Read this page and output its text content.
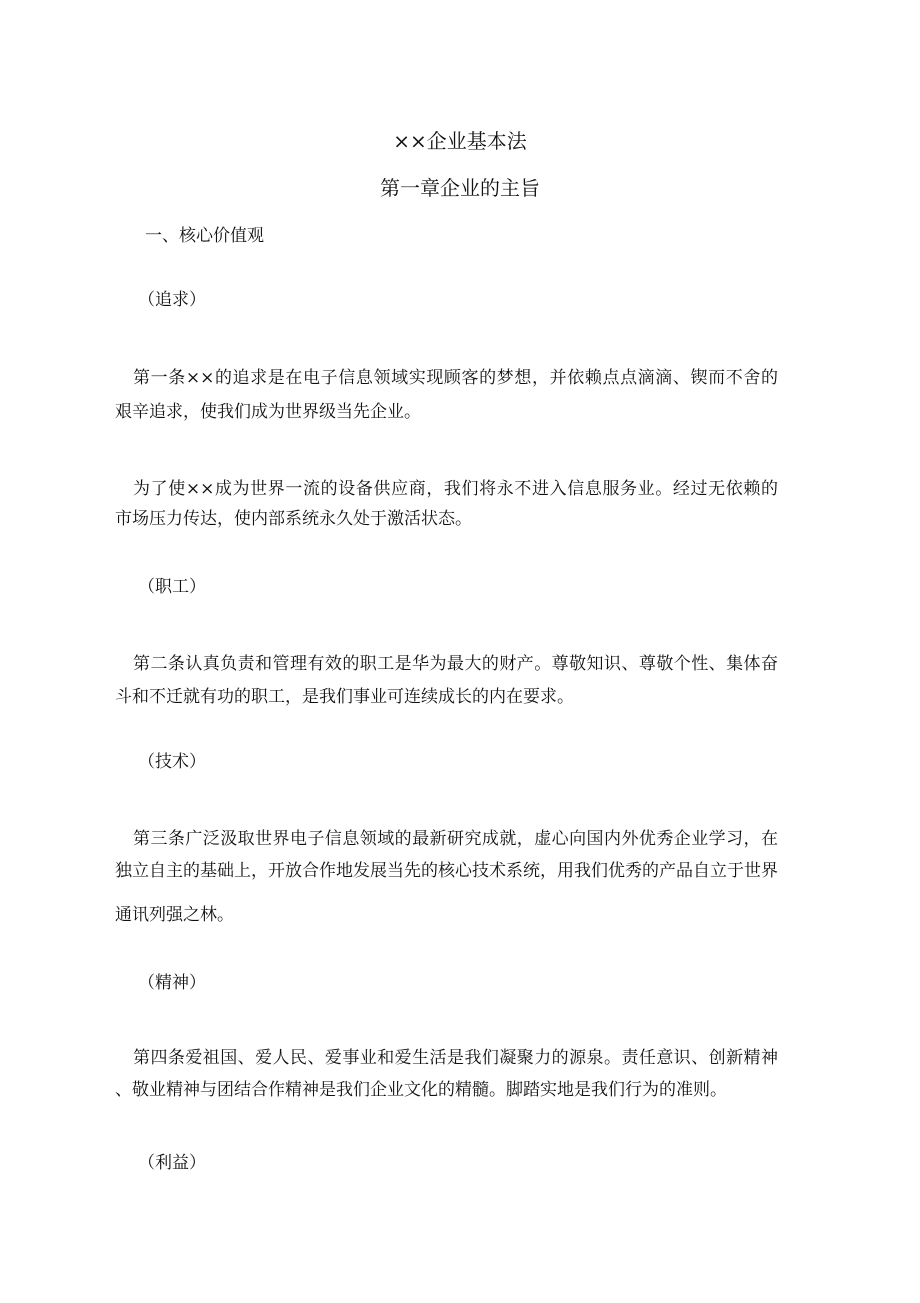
××企业基本法
第一章企业的主旨
一、核心价值观
（追求）
第一条××的追求是在电子信息领域实现顾客的梦想，并依赖点点滴滴、锲而不舍的
艰辛追求，使我们成为世界级当先企业。
为了使××成为世界一流的设备供应商，我们将永不进入信息服务业。经过无依赖的
市场压力传达，使内部系统永久处于激活状态。
（职工）
第二条认真负责和管理有效的职工是华为最大的财产。尊敬知识、尊敬个性、集体奋
斗和不迁就有功的职工，是我们事业可连续成长的内在要求。
（技术）
第三条广泛汲取世界电子信息领域的最新研究成就，虚心向国内外优秀企业学习，在
独立自主的基础上，开放合作地发展当先的核心技术系统，用我们优秀的产品自立于世界
通讯列强之林。
（精神）
第四条爱祖国、爱人民、爱事业和爱生活是我们凝聚力的源泉。责任意识、创新精神
、敬业精神与团结合作精神是我们企业文化的精髓。脚踏实地是我们行为的准则。
（利益）
